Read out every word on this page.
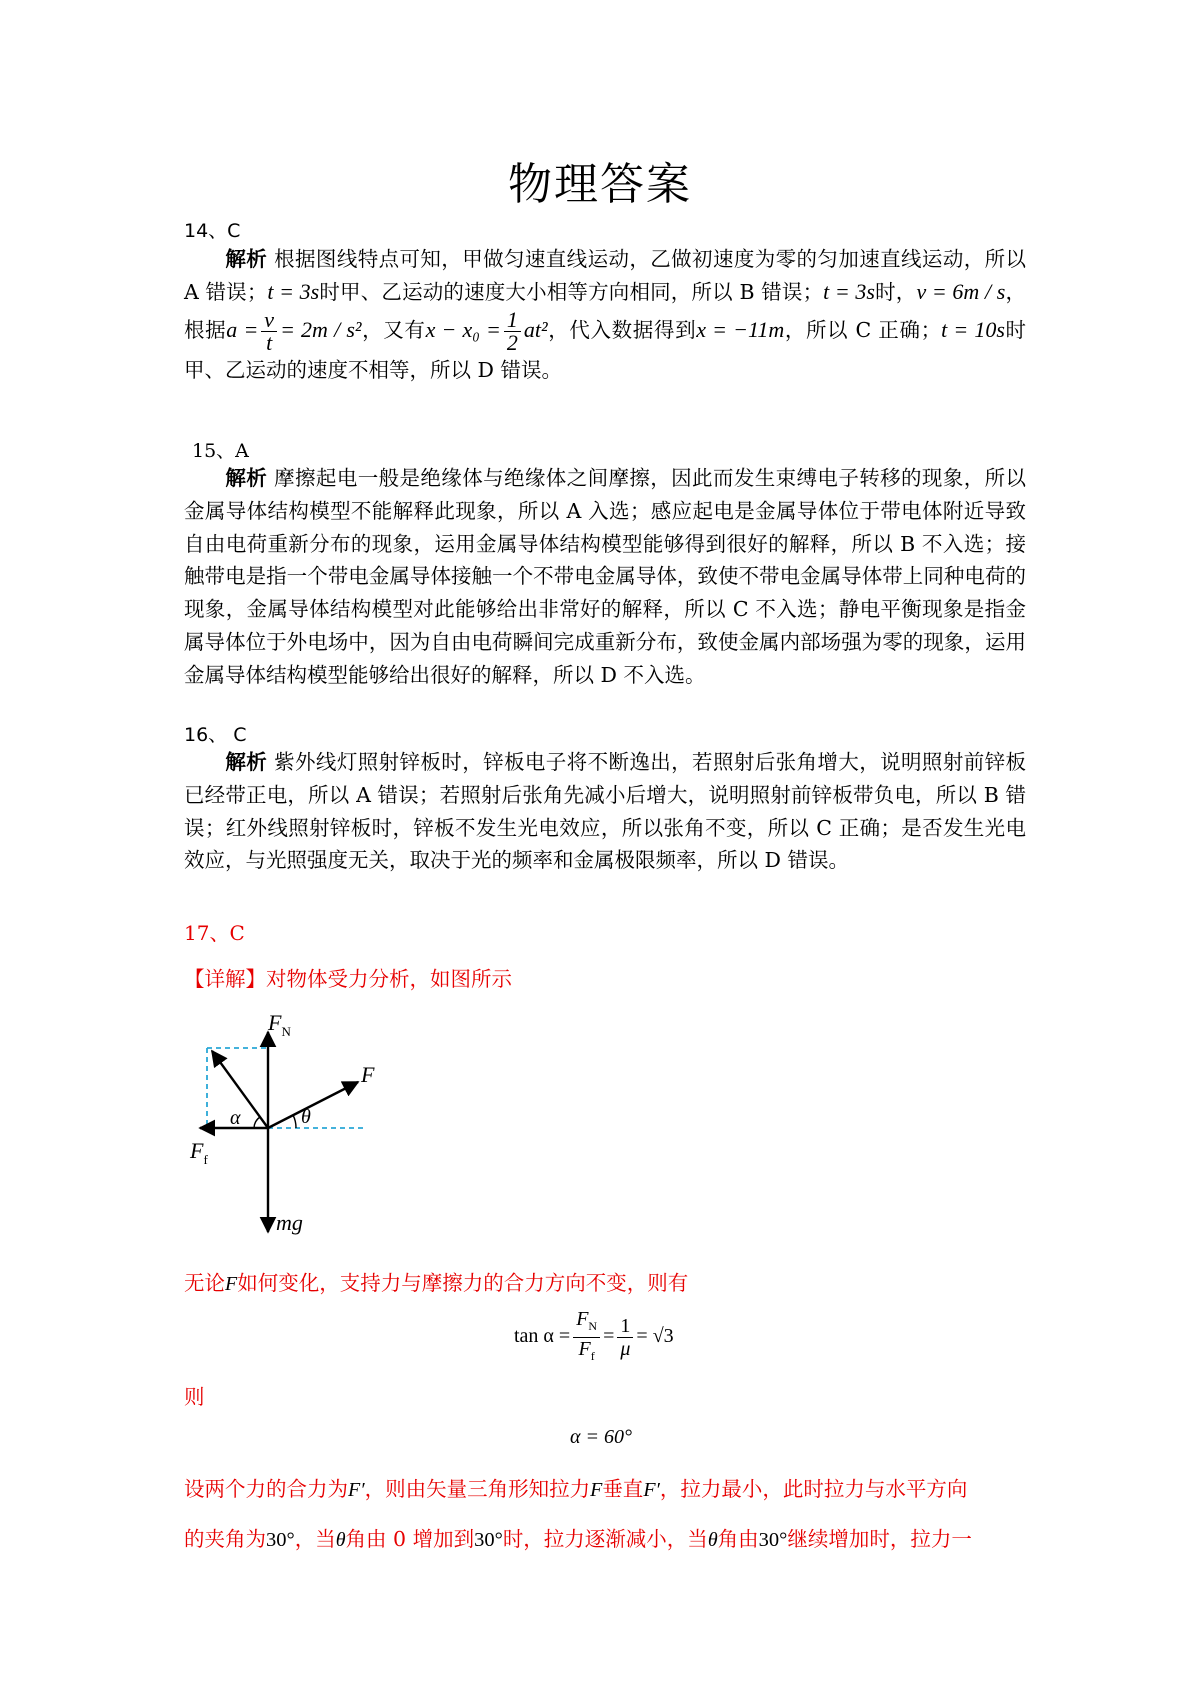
物理答案
14、C
解析 根据图线特点可知，甲做匀速直线运动，乙做初速度为零的匀加速直线运动，所以 A 错误；t = 3s时甲、乙运动的速度大小相等方向相同，所以 B 错误；t = 3s时，v = 6m / s，根据$a = \frac{v}{t} = 2m / s^2$，又有$x - x_0 = \frac{1}{2} at^2$，代入数据得到x = −11m，所以 C 正确；t = 10s时甲、乙运动的速度不相等，所以 D 错误。
15、A
解析 摩擦起电一般是绝缘体与绝缘体之间摩擦，因此而发生束缚电子转移的现象，所以金属导体结构模型不能解释此现象，所以 A 入选；感应起电是金属导体位于带电体附近导致自由电荷重新分布的现象，运用金属导体结构模型能够得到很好的解释，所以 B 不入选；接触带电是指一个带电金属导体接触一个不带电金属导体，致使不带电金属导体带上同种电荷的现象，金属导体结构模型对此能够给出非常好的解释，所以 C 不入选；静电平衡现象是指金属导体位于外电场中，因为自由电荷瞬间完成重新分布，致使金属内部场强为零的现象，运用金属导体结构模型能够给出很好的解释，所以 D 不入选。
16、 C
解析 紫外线灯照射锌板时，锌板电子将不断逸出，若照射后张角增大，说明照射前锌板已经带正电，所以 A 错误；若照射后张角先减小后增大，说明照射前锌板带负电，所以 B 错误；红外线照射锌板时，锌板不发生光电效应，所以张角不变，所以 C 正确；是否发生光电效应，与光照强度无关，取决于光的频率和金属极限频率，所以 D 错误。
17、C
【详解】对物体受力分析，如图所示
$F_N$
F
$F_f$
mg
α	θ
无论F如何变化，支持力与摩擦力的合力方向不变，则有
$\tan \alpha = \frac{F_N}{F_f} = \frac{1}{\mu} = √3$
则
α = 60°
设两个力的合力为F′，则由矢量三角形知拉力F垂直F′，拉力最小，此时拉力与水平方向
的夹角为30°，当θ角由 0 增加到30°时，拉力逐渐减小，当θ角由30°继续增加时，拉力一
